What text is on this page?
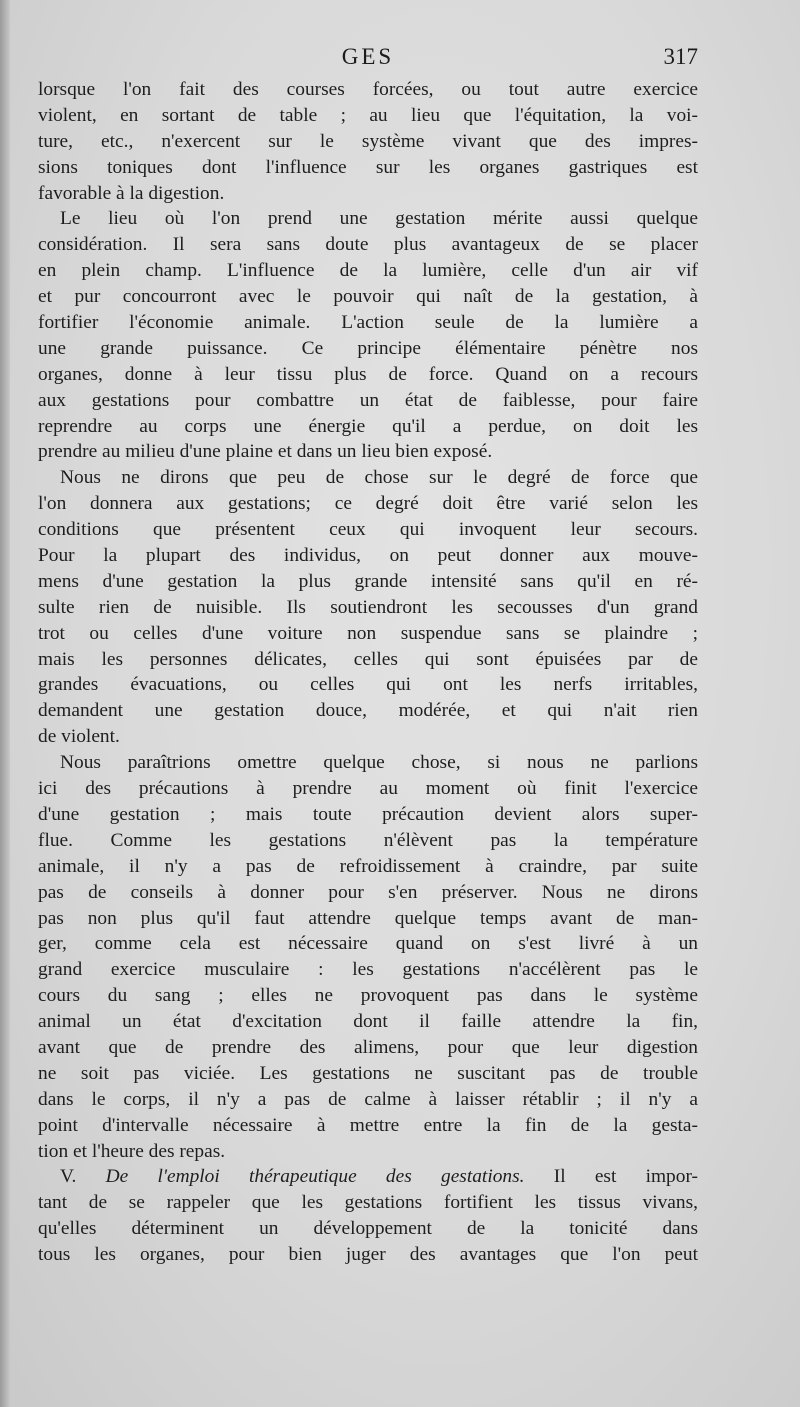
GES	317

lorsque l'on fait des courses forcées, ou tout autre exercice
violent, en sortant de table ; au lieu que l'équitation, la voi-
ture, etc., n'exercent sur le système vivant que des impres-
sions toniques dont l'influence sur les organes gastriques est
favorable à la digestion.

Le lieu où l'on prend une gestation mérite aussi quelque
considération. Il sera sans doute plus avantageux de se placer
en plein champ. L'influence de la lumière, celle d'un air vif
et pur concourront avec le pouvoir qui naît de la gestation, à
fortifier l'économie animale. L'action seule de la lumière a
une grande puissance. Ce principe élémentaire pénètre nos
organes, donne à leur tissu plus de force. Quand on a recours
aux gestations pour combattre un état de faiblesse, pour faire
reprendre au corps une énergie qu'il a perdue, on doit les
prendre au milieu d'une plaine et dans un lieu bien exposé.

Nous ne dirons que peu de chose sur le degré de force que
l'on donnera aux gestations; ce degré doit être varié selon les
conditions que présentent ceux qui invoquent leur secours.
Pour la plupart des individus, on peut donner aux mouve-
mens d'une gestation la plus grande intensité sans qu'il en ré-
sulte rien de nuisible. Ils soutiendront les secousses d'un grand
trot ou celles d'une voiture non suspendue sans se plaindre ;
mais les personnes délicates, celles qui sont épuisées par de
grandes évacuations, ou celles qui ont les nerfs irritables,
demandent une gestation douce, modérée, et qui n'ait rien
de violent.

Nous paraîtrions omettre quelque chose, si nous ne parlions
ici des précautions à prendre au moment où finit l'exercice
d'une gestation ; mais toute précaution devient alors super-
flue. Comme les gestations n'élèvent pas la température
animale, il n'y a pas de refroidissement à craindre, par suite
pas de conseils à donner pour s'en préserver. Nous ne dirons
pas non plus qu'il faut attendre quelque temps avant de man-
ger, comme cela est nécessaire quand on s'est livré à un
grand exercice musculaire : les gestations n'accélèrent pas le
cours du sang ; elles ne provoquent pas dans le système
animal un état d'excitation dont il faille attendre la fin,
avant que de prendre des alimens, pour que leur digestion
ne soit pas viciée. Les gestations ne suscitant pas de trouble
dans le corps, il n'y a pas de calme à laisser rétablir ; il n'y a
point d'intervalle nécessaire à mettre entre la fin de la gesta-
tion et l'heure des repas.

V. De l'emploi thérapeutique des gestations. Il est impor-
tant de se rappeler que les gestations fortifient les tissus vivans,
qu'elles déterminent un développement de la tonicité dans
tous les organes, pour bien juger des avantages que l'on peut
